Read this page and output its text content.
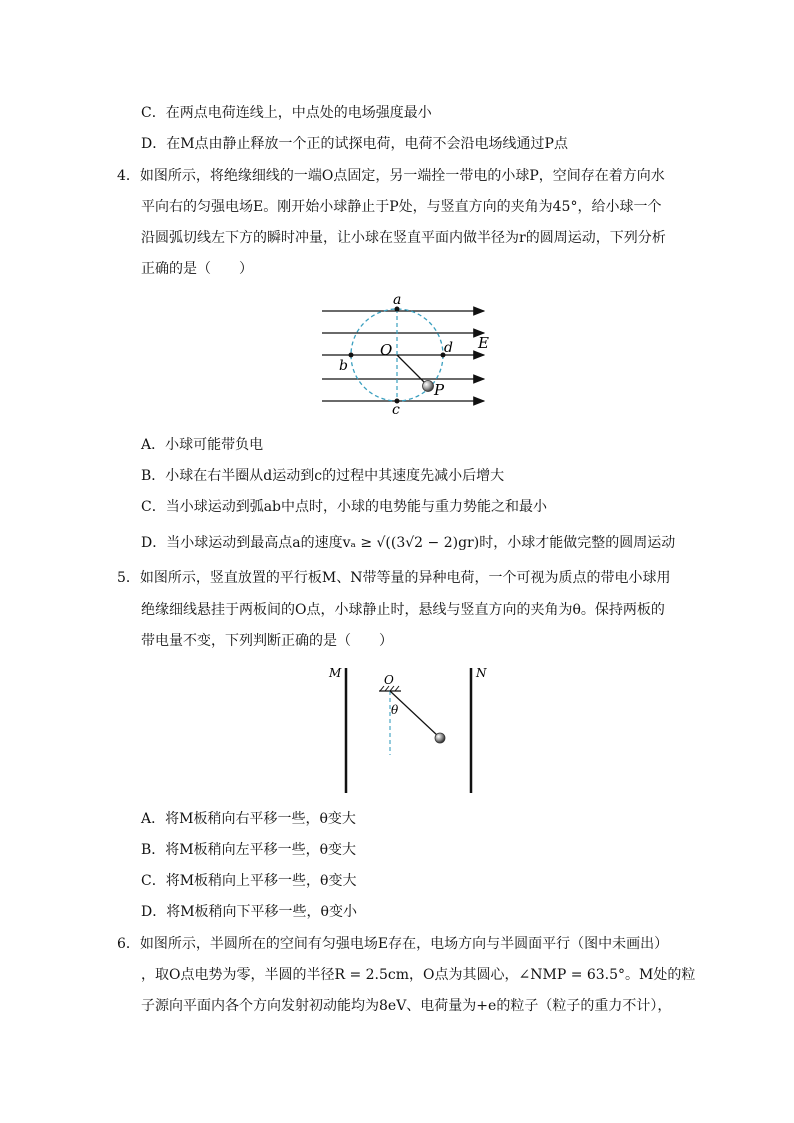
C．在两点电荷连线上，中点处的电场强度最小
D．在M点由静止释放一个正的试探电荷，电荷不会沿电场线通过P点
4．如图所示，将绝缘细线的一端O点固定，另一端拴一带电的小球P，空间存在着方向水
平向右的匀强电场E。刚开始小球静止于P处，与竖直方向的夹角为45°，给小球一个
沿圆弧切线左下方的瞬时冲量，让小球在竖直平面内做半径为r的圆周运动，下列分析
正确的是（　　）
a
b
c
d
O
P
E
A．小球可能带负电
B．小球在右半圈从d运动到c的过程中其速度先减小后增大
C．当小球运动到弧ab中点时，小球的电势能与重力势能之和最小
D．当小球运动到最高点a的速度vₐ ≥ √((3√2 − 2)gr)时，小球才能做完整的圆周运动
5．如图所示，竖直放置的平行板M、N带等量的异种电荷，一个可视为质点的带电小球用
绝缘细线悬挂于两板间的O点，小球静止时，悬线与竖直方向的夹角为θ。保持两板的
带电量不变，下列判断正确的是（　　）
M	N
O
θ
A．将M板稍向右平移一些，θ变大
B．将M板稍向左平移一些，θ变大
C．将M板稍向上平移一些，θ变大
D．将M板稍向下平移一些，θ变小
6．如图所示，半圆所在的空间有匀强电场E存在，电场方向与半圆面平行（图中未画出）
，取O点电势为零，半圆的半径R = 2.5cm，O点为其圆心，∠NMP = 63.5°。M处的粒
子源向平面内各个方向发射初动能均为8eV、电荷量为+e的粒子（粒子的重力不计），
